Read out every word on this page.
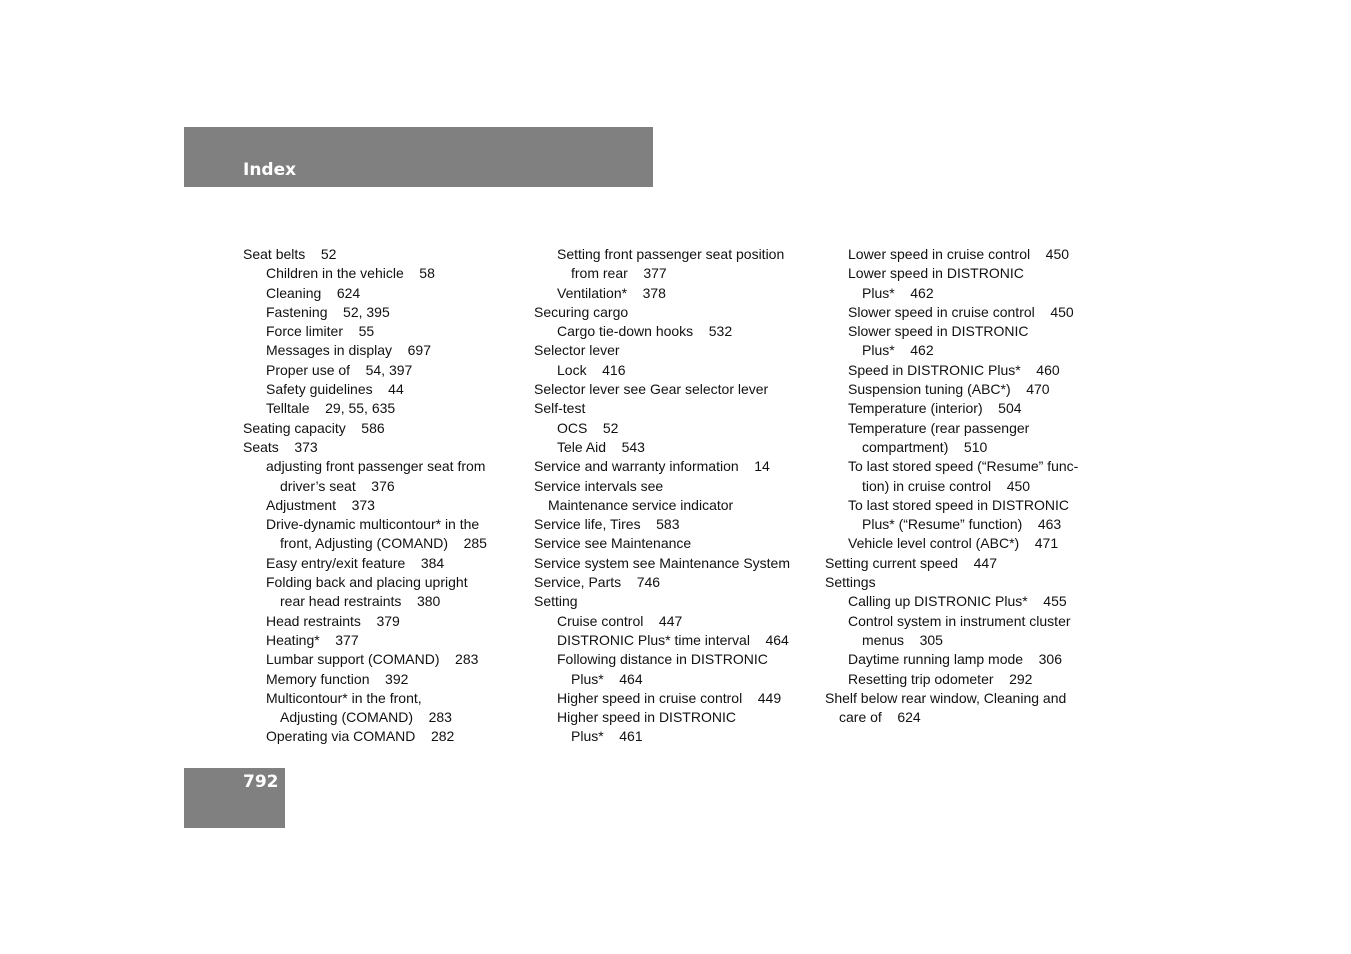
Index
Seat belts    52
Children in the vehicle    58
Cleaning    624
Fastening    52, 395
Force limiter    55
Messages in display    697
Proper use of    54, 397
Safety guidelines    44
Telltale    29, 55, 635
Seating capacity    586
Seats    373
adjusting front passenger seat from
driver’s seat    376
Adjustment    373
Drive-dynamic multicontour* in the
front, Adjusting (COMAND)    285
Easy entry/exit feature    384
Folding back and placing upright
rear head restraints    380
Head restraints    379
Heating*    377
Lumbar support (COMAND)    283
Memory function    392
Multicontour* in the front,
Adjusting (COMAND)    283
Operating via COMAND    282
Setting front passenger seat position
from rear    377
Ventilation*    378
Securing cargo
Cargo tie-down hooks    532
Selector lever
Lock    416
Selector lever see Gear selector lever
Self-test
OCS    52
Tele Aid    543
Service and warranty information    14
Service intervals see
Maintenance service indicator
Service life, Tires    583
Service see Maintenance
Service system see Maintenance System
Service, Parts    746
Setting
Cruise control    447
DISTRONIC Plus* time interval    464
Following distance in DISTRONIC
Plus*    464
Higher speed in cruise control    449
Higher speed in DISTRONIC
Plus*    461
Lower speed in cruise control    450
Lower speed in DISTRONIC
Plus*    462
Slower speed in cruise control    450
Slower speed in DISTRONIC
Plus*    462
Speed in DISTRONIC Plus*    460
Suspension tuning (ABC*)    470
Temperature (interior)    504
Temperature (rear passenger
compartment)    510
To last stored speed (“Resume” func-
tion) in cruise control    450
To last stored speed in DISTRONIC
Plus* (“Resume” function)    463
Vehicle level control (ABC*)    471
Setting current speed    447
Settings
Calling up DISTRONIC Plus*    455
Control system in instrument cluster
menus    305
Daytime running lamp mode    306
Resetting trip odometer    292
Shelf below rear window, Cleaning and
care of    624
792
